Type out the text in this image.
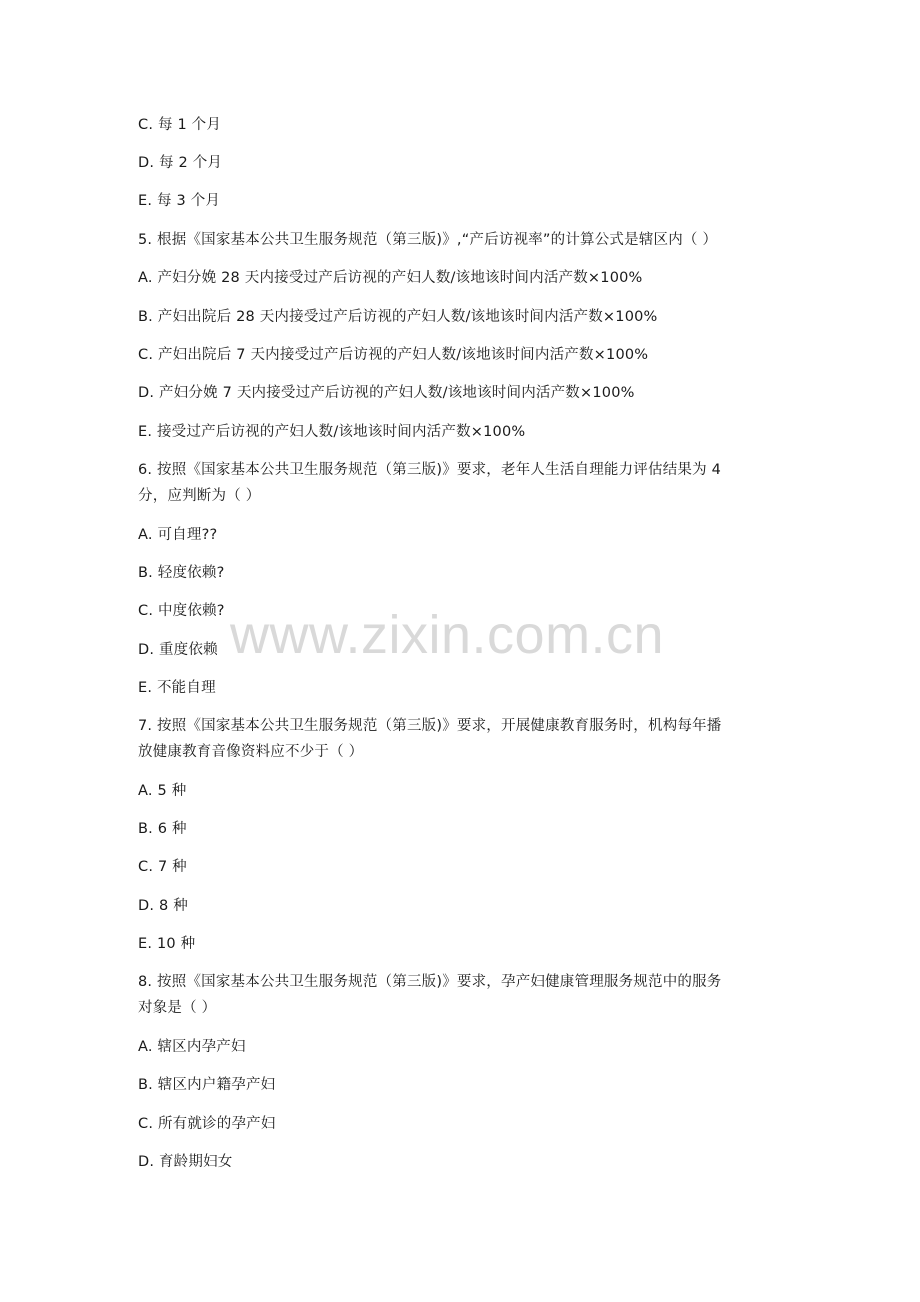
C. 每 1 个月
D. 每 2 个月
E. 每 3 个月
5. 根据《国家基本公共卫生服务规范（第三版)》,“产后访视率”的计算公式是辖区内（ ）
A. 产妇分娩 28 天内接受过产后访视的产妇人数/该地该时间内活产数×100%
B. 产妇出院后 28 天内接受过产后访视的产妇人数/该地该时间内活产数×100%
C. 产妇出院后 7 天内接受过产后访视的产妇人数/该地该时间内活产数×100%
D. 产妇分娩 7 天内接受过产后访视的产妇人数/该地该时间内活产数×100%
E. 接受过产后访视的产妇人数/该地该时间内活产数×100%
6. 按照《国家基本公共卫生服务规范（第三版)》要求，老年人生活自理能力评估结果为 4
分，应判断为（ ）
A. 可自理??
B. 轻度依赖?
C. 中度依赖?
D. 重度依赖
E. 不能自理
7. 按照《国家基本公共卫生服务规范（第三版)》要求，开展健康教育服务时，机构每年播
放健康教育音像资料应不少于（ ）
A. 5 种
B. 6 种
C. 7 种
D. 8 种
E. 10 种
8. 按照《国家基本公共卫生服务规范（第三版)》要求，孕产妇健康管理服务规范中的服务
对象是（ ）
A. 辖区内孕产妇
B. 辖区内户籍孕产妇
C. 所有就诊的孕产妇
D. 育龄期妇女
www.zixin.com.cn
